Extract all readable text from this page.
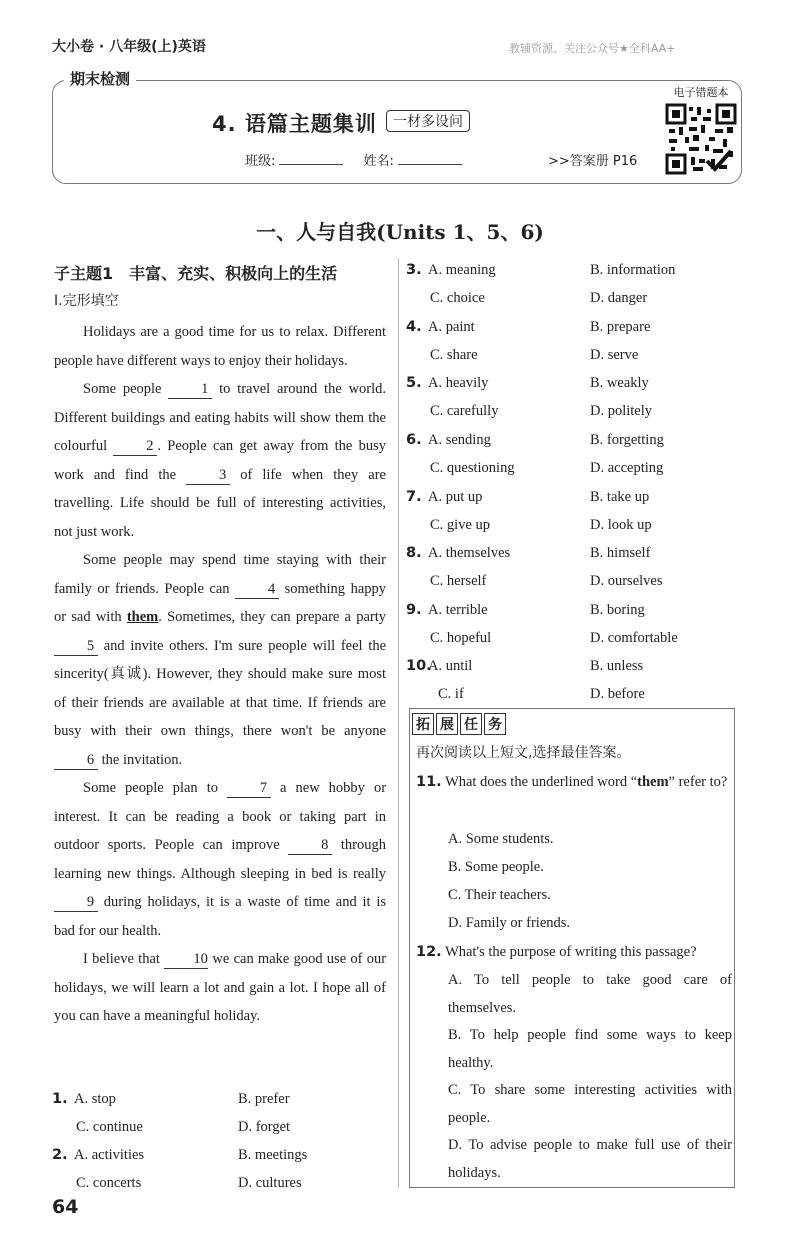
大小卷 · 八年级(上)英语	教辅资源、关注公众号★全科AA+
期末检测
4. 语篇主题集训	一材多设问
班级:	姓名:	>>答案册 P16
电子错题本
一、人与自我(Units 1、5、6)
子主题1　丰富、充实、积极向上的生活
Ⅰ.完形填空

Holidays are a good time for us to relax. Different people have different ways to enjoy their holidays.

Some people	1 to travel around the world. Different buildings and eating habits will show them the colourful	2 . People can get away from the busy work and find the	3 of life when they are travelling. Life should be full of interesting activities, not just work.

Some people may spend time staying with their family or friends. People can	4 something happy or sad with them. Sometimes, they can prepare a party 5 and invite others. I'm sure people will feel the sincerity(真诚). However, they should make sure most of their friends are available at that time. If friends are busy with their own things, there won't be anyone 6 the invitation.

Some people plan to	7 a new hobby or interest. It can be reading a book or taking part in outdoor sports. People can improve	8 through learning new things. Although sleeping in bed is really 9 during holidays, it is a waste of time and it is bad for our health.

I believe that 10 we can make good use of our holidays, we will learn a lot and gain a lot. I hope all of you can have a meaningful holiday.

拓 展 任 务
再次阅读以上短文,选择最佳答案。
11. What does the underlined word “them” refer to?
A. Some students.
B. Some people.
C. Their teachers.
D. Family or friends.
12. What's the purpose of writing this passage?
A. To tell people to take good care of themselves.
B. To help people find some ways to keep healthy.
C. To share some interesting activities with people.
D. To advise people to make full use of their holidays.
64
1. A. stop	B. prefer
C. continue	D. forget
2. A. activities	B. meetings
C. concerts	D. cultures
3. A. meaning	B. information
C. choice	D. danger
4. A. paint	B. prepare
C. share	D. serve
5. A. heavily	B. weakly
C. carefully	D. politely
6. A. sending	B. forgetting
C. questioning	D. accepting
7. A. put up	B. take up
C. give up	D. look up
8. A. themselves	B. himself
C. herself	D. ourselves
9. A. terrible	B. boring
C. hopeful	D. comfortable
10.
A. until	B. unless
C. if	D. before
